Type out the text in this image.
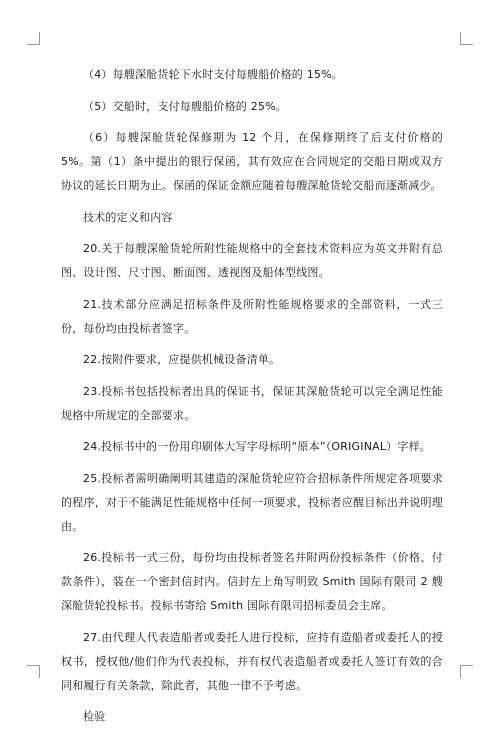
（4）每艘深舱货轮下水时支付每艘船价格的 15%。

（5）交船时，支付每艘船价格的 25%。

（6）每艘深舱货轮保修期为 12 个月，在保修期终了后支付价格的 5%。第（1）条中提出的银行保函，其有效应在合同规定的交船日期或双方协议的延长日期为止。保函的保证金额应随着每艘深舱货轮交船而逐渐减少。

技术的定义和内容

20.关于每艘深舱货轮所附性能规格中的全套技术资料应为英文并附有总图、设计图、尺寸图、断面图、透视图及船体型线图。

21.技术部分应满足招标条件及所附性能规格要求的全部资料，一式三份，每份均由投标者签字。

22.按附件要求，应提供机械设备清单。

23.投标书包括投标者出具的保证书，保证其深舱货轮可以完全满足性能规格中所规定的全部要求。

24.投标书中的一份用印刷体大写字母标明“原本”（ORIGINAL）字样。

25.投标者需明确阐明其建造的深舱货轮应符合招标条件所规定各项要求的程序，对于不能满足性能规格中任何一项要求，投标者应醒目标出并说明理由。

26.投标书一式三份，每份均由投标者签名并附两份投标条件（价格、付款条件），装在一个密封信封内。信封左上角写明致 Smith 国际有限司 2 艘深舱货轮投标书。投标书寄给 Smith 国际有限司招标委员会主席。

27.由代理人代表造船者或委托人进行投标，应持有造船者或委托人的授权书，授权他/他们作为代表投标，并有权代表造船者或委托人签订有效的合同和履行有关条款，除此者，其他一律不予考虑。

检验
